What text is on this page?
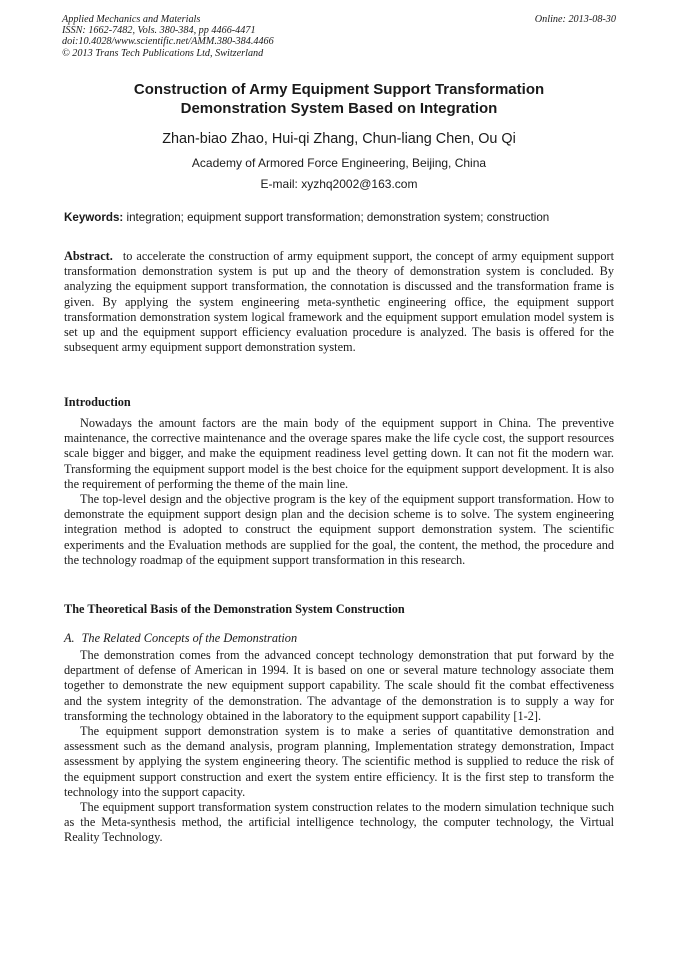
Applied Mechanics and Materials
ISSN: 1662-7482, Vols. 380-384, pp 4466-4471
doi:10.4028/www.scientific.net/AMM.380-384.4466
© 2013 Trans Tech Publications Ltd, Switzerland
Online: 2013-08-30
Construction of Army Equipment Support Transformation
Demonstration System Based on Integration
Zhan-biao Zhao, Hui-qi Zhang, Chun-liang Chen, Ou Qi
Academy of Armored Force Engineering, Beijing, China
E-mail: xyzhq2002@163.com
Keywords: integration; equipment support transformation; demonstration system; construction

Abstract. to accelerate the construction of army equipment support, the concept of army equipment support transformation demonstration system is put up and the theory of demonstration system is concluded. By analyzing the equipment support transformation, the connotation is discussed and the transformation frame is given. By applying the system engineering meta-synthetic engineering office, the equipment support transformation demonstration system logical framework and the equipment support emulation model system is set up and the equipment support efficiency evaluation procedure is analyzed. The basis is offered for the subsequent army equipment support demonstration system.

Introduction

Nowadays the amount factors are the main body of the equipment support in China. The preventive maintenance, the corrective maintenance and the overage spares make the life cycle cost, the support resources scale bigger and bigger, and make the equipment readiness level getting down. It can not fit the modern war. Transforming the equipment support model is the best choice for the equipment support development. It is also the requirement of performing the theme of the main line.

The top-level design and the objective program is the key of the equipment support transformation. How to demonstrate the equipment support design plan and the decision scheme is to solve. The system engineering integration method is adopted to construct the equipment support demonstration system. The scientific experiments and the Evaluation methods are supplied for the goal, the content, the method, the procedure and the technology roadmap of the equipment support transformation in this research.

The Theoretical Basis of the Demonstration System Construction
A. The Related Concepts of the Demonstration

The demonstration comes from the advanced concept technology demonstration that put forward by the department of defense of American in 1994. It is based on one or several mature technology associate them together to demonstrate the new equipment support capability. The scale should fit the combat effectiveness and the system integrity of the demonstration. The advantage of the demonstration is to supply a way for transforming the technology obtained in the laboratory to the equipment support capability [1-2].

The equipment support demonstration system is to make a series of quantitative demonstration and assessment such as the demand analysis, program planning, Implementation strategy demonstration, Impact assessment by applying the system engineering theory. The scientific method is supplied to reduce the risk of the equipment support construction and exert the system entire efficiency. It is the first step to transform the technology into the support capacity.

The equipment support transformation system construction relates to the modern simulation technique such as the Meta-synthesis method, the artificial intelligence technology, the computer technology, the Virtual Reality Technology.
